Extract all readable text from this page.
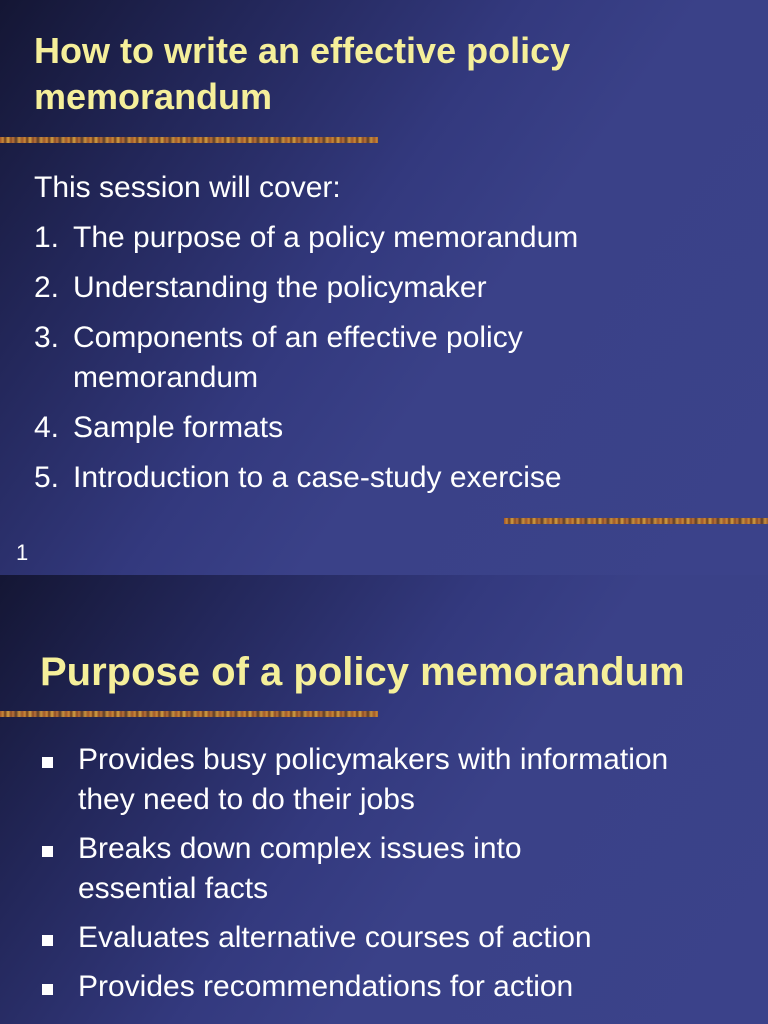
How to write an effective policy memorandum

This session will cover:

1. The purpose of a policy memorandum
2. Understanding the policymaker
3. Components of an effective policy memorandum
4. Sample formats
5. Introduction to a case-study exercise
1
Purpose of a policy memorandum
Provides busy policymakers with information they need to do their jobs
Breaks down complex issues into essential facts
Evaluates alternative courses of action
Provides recommendations for action
